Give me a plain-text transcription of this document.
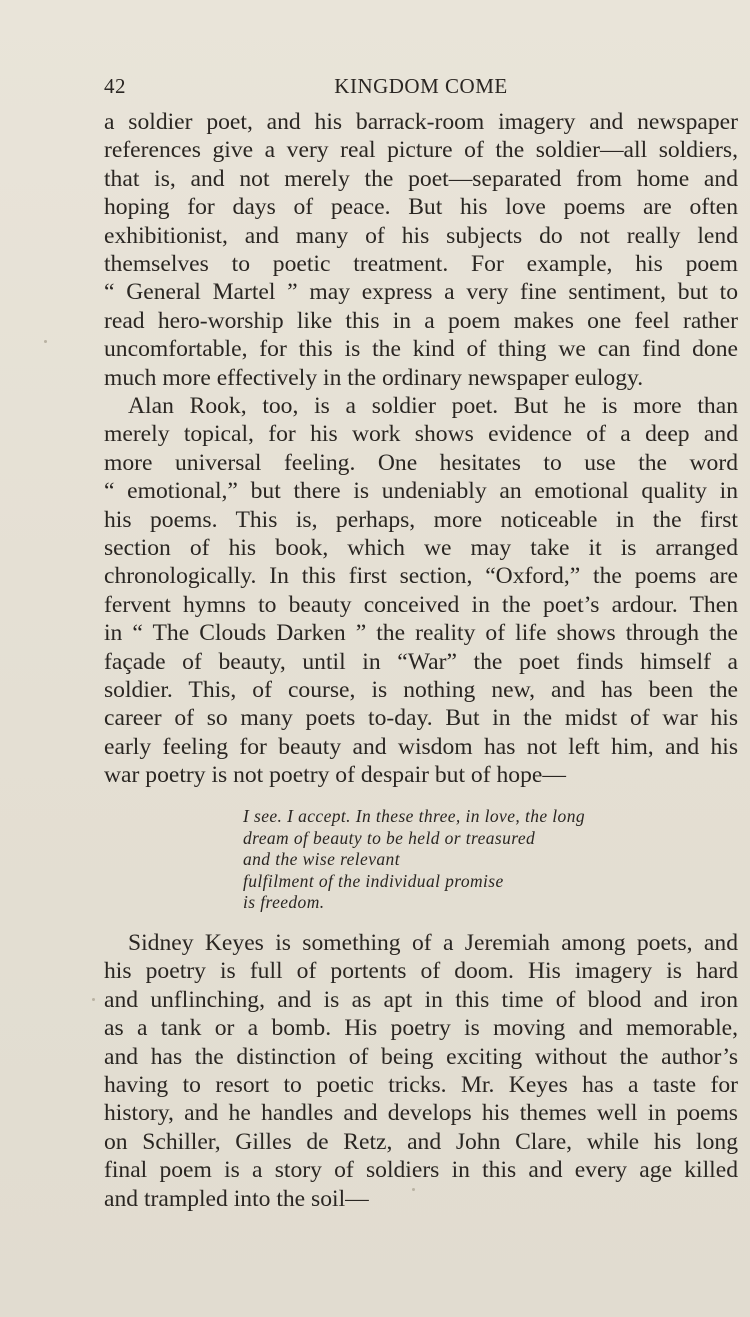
42	KINGDOM COME
a soldier poet, and his barrack-room imagery and newspaper
references give a very real picture of the soldier—all soldiers,
that is, and not merely the poet—separated from home and
hoping for days of peace. But his love poems are often
exhibitionist, and many of his subjects do not really lend
themselves to poetic treatment. For example, his poem
“ General Martel ” may express a very fine sentiment, but to
read hero-worship like this in a poem makes one feel rather
uncomfortable, for this is the kind of thing we can find done
much more effectively in the ordinary newspaper eulogy.
Alan Rook, too, is a soldier poet. But he is more than
merely topical, for his work shows evidence of a deep and
more universal feeling. One hesitates to use the word
“ emotional,” but there is undeniably an emotional quality in
his poems. This is, perhaps, more noticeable in the first
section of his book, which we may take it is arranged
chronologically. In this first section, “Oxford,” the poems are
fervent hymns to beauty conceived in the poet’s ardour. Then
in “ The Clouds Darken ” the reality of life shows through the
façade of beauty, until in “War” the poet finds himself a
soldier. This, of course, is nothing new, and has been the
career of so many poets to-day. But in the midst of war his
early feeling for beauty and wisdom has not left him, and his
war poetry is not poetry of despair but of hope—
I see. I accept. In these three, in love, the long
dream of beauty to be held or treasured
and the wise relevant
fulfilment of the individual promise
is freedom.
Sidney Keyes is something of a Jeremiah among poets, and
his poetry is full of portents of doom. His imagery is hard
and unflinching, and is as apt in this time of blood and iron
as a tank or a bomb. His poetry is moving and memorable,
and has the distinction of being exciting without the author’s
having to resort to poetic tricks. Mr. Keyes has a taste for
history, and he handles and develops his themes well in poems
on Schiller, Gilles de Retz, and John Clare, while his long
final poem is a story of soldiers in this and every age killed
and trampled into the soil—
